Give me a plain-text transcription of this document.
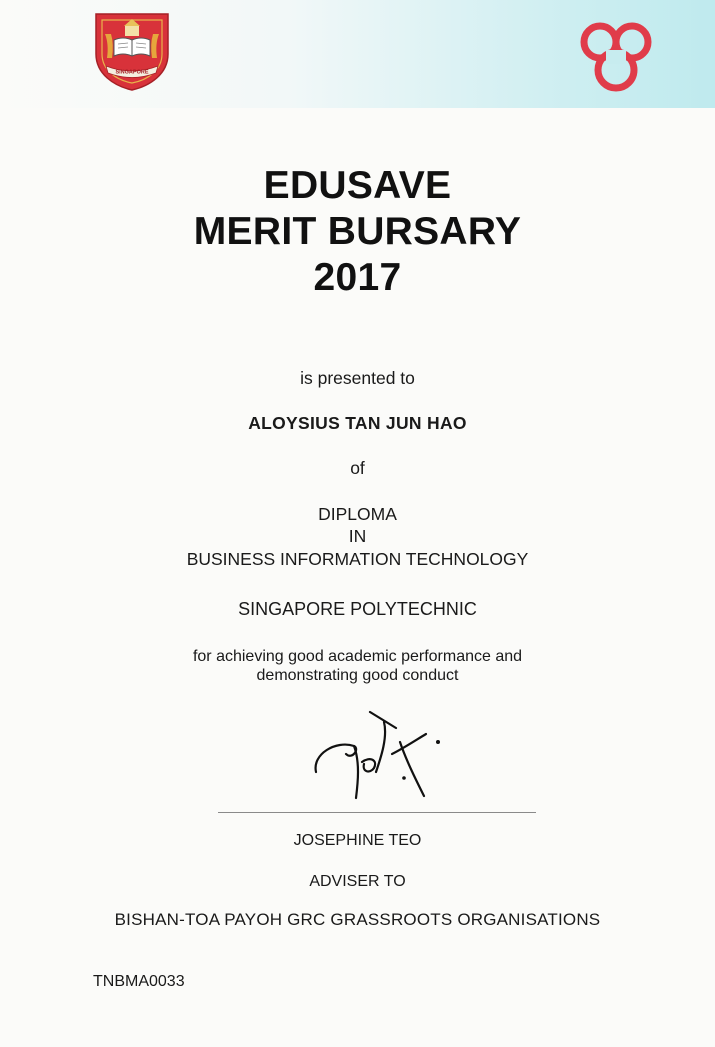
SINGAPORE
EDUSAVE
MERIT BURSARY
2017
is presented to
ALOYSIUS TAN JUN HAO
of
DIPLOMA
IN
BUSINESS INFORMATION TECHNOLOGY
SINGAPORE POLYTECHNIC
for achieving good academic performance and
demonstrating good conduct
JOSEPHINE TEO
ADVISER TO
BISHAN-TOA PAYOH GRC GRASSROOTS ORGANISATIONS
TNBMA0033
